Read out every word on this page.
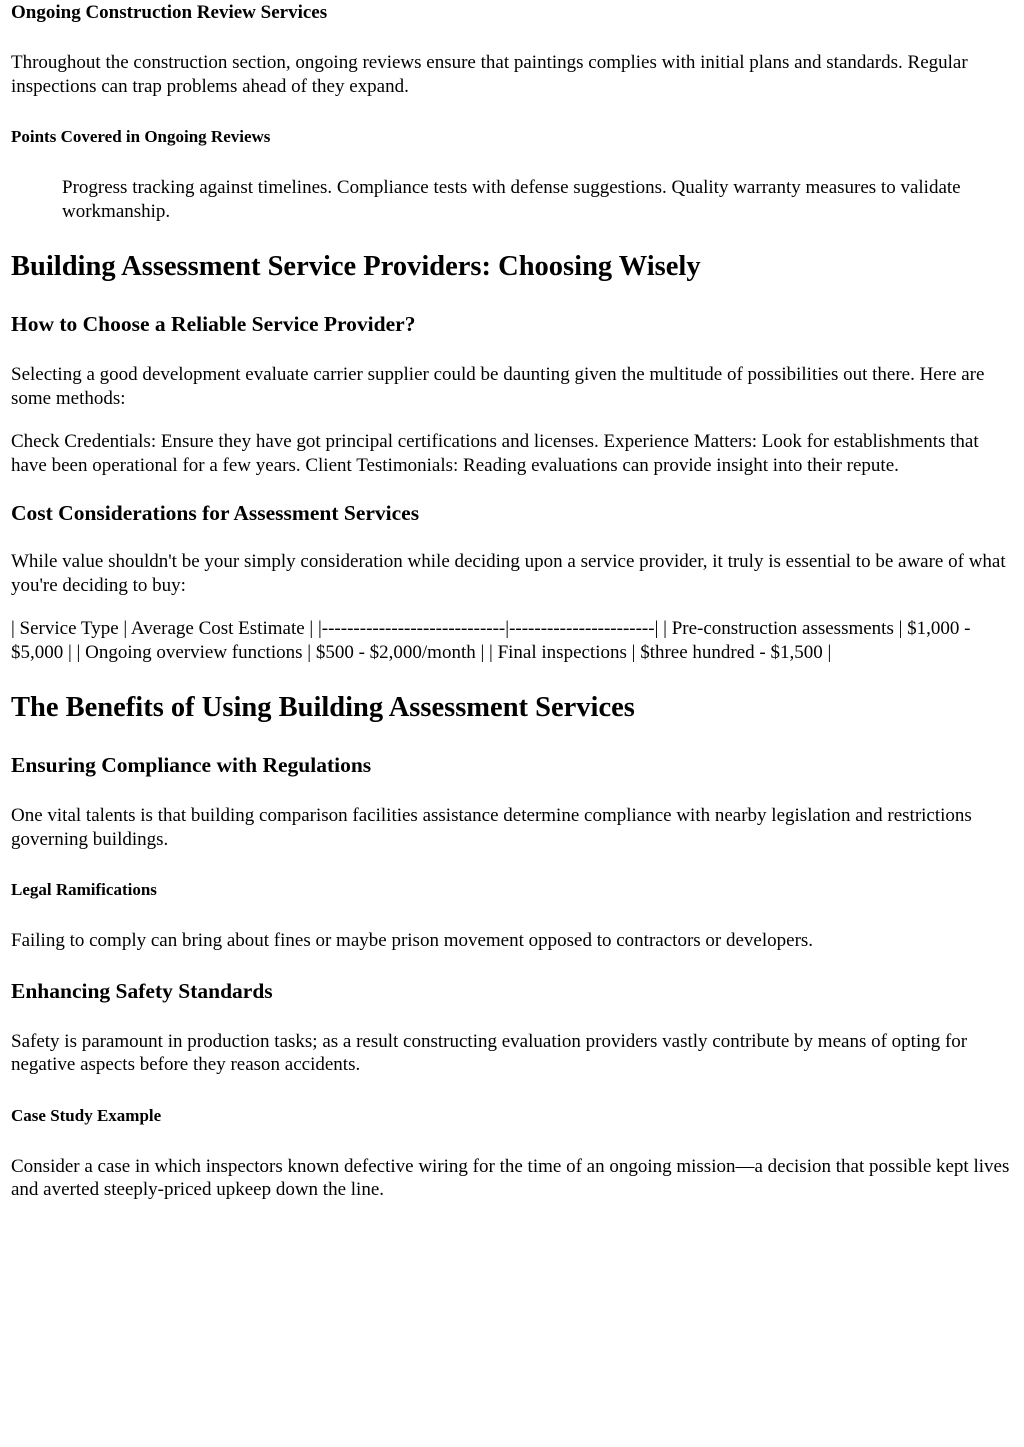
Ongoing Construction Review Services

Throughout the construction section, ongoing reviews ensure that paintings complies with initial plans and standards. Regular inspections can trap problems ahead of they expand.

Points Covered in Ongoing Reviews
Progress tracking against timelines. Compliance tests with defense suggestions. Quality warranty measures to validate workmanship.
Building Assessment Service Providers: Choosing Wisely
How to Choose a Reliable Service Provider?

Selecting a good development evaluate carrier supplier could be daunting given the multitude of possibilities out there. Here are some methods:

Check Credentials: Ensure they have got principal certifications and licenses. Experience Matters: Look for establishments that have been operational for a few years. Client Testimonials: Reading evaluations can provide insight into their repute.

Cost Considerations for Assessment Services

While value shouldn't be your simply consideration while deciding upon a service provider, it truly is essential to be aware of what you're deciding to buy:

| Service Type | Average Cost Estimate | |-----------------------------|-----------------------| | Pre-construction assessments | $1,000 - $5,000 | | Ongoing overview functions | $500 - $2,000/month | | Final inspections | $three hundred - $1,500 |

The Benefits of Using Building Assessment Services
Ensuring Compliance with Regulations

One vital talents is that building comparison facilities assistance determine compliance with nearby legislation and restrictions governing buildings.

Legal Ramifications

Failing to comply can bring about fines or maybe prison movement opposed to contractors or developers.

Enhancing Safety Standards

Safety is paramount in production tasks; as a result constructing evaluation providers vastly contribute by means of opting for negative aspects before they reason accidents.

Case Study Example

Consider a case in which inspectors known defective wiring for the time of an ongoing mission—a decision that possible kept lives and averted steeply-priced upkeep down the line.
